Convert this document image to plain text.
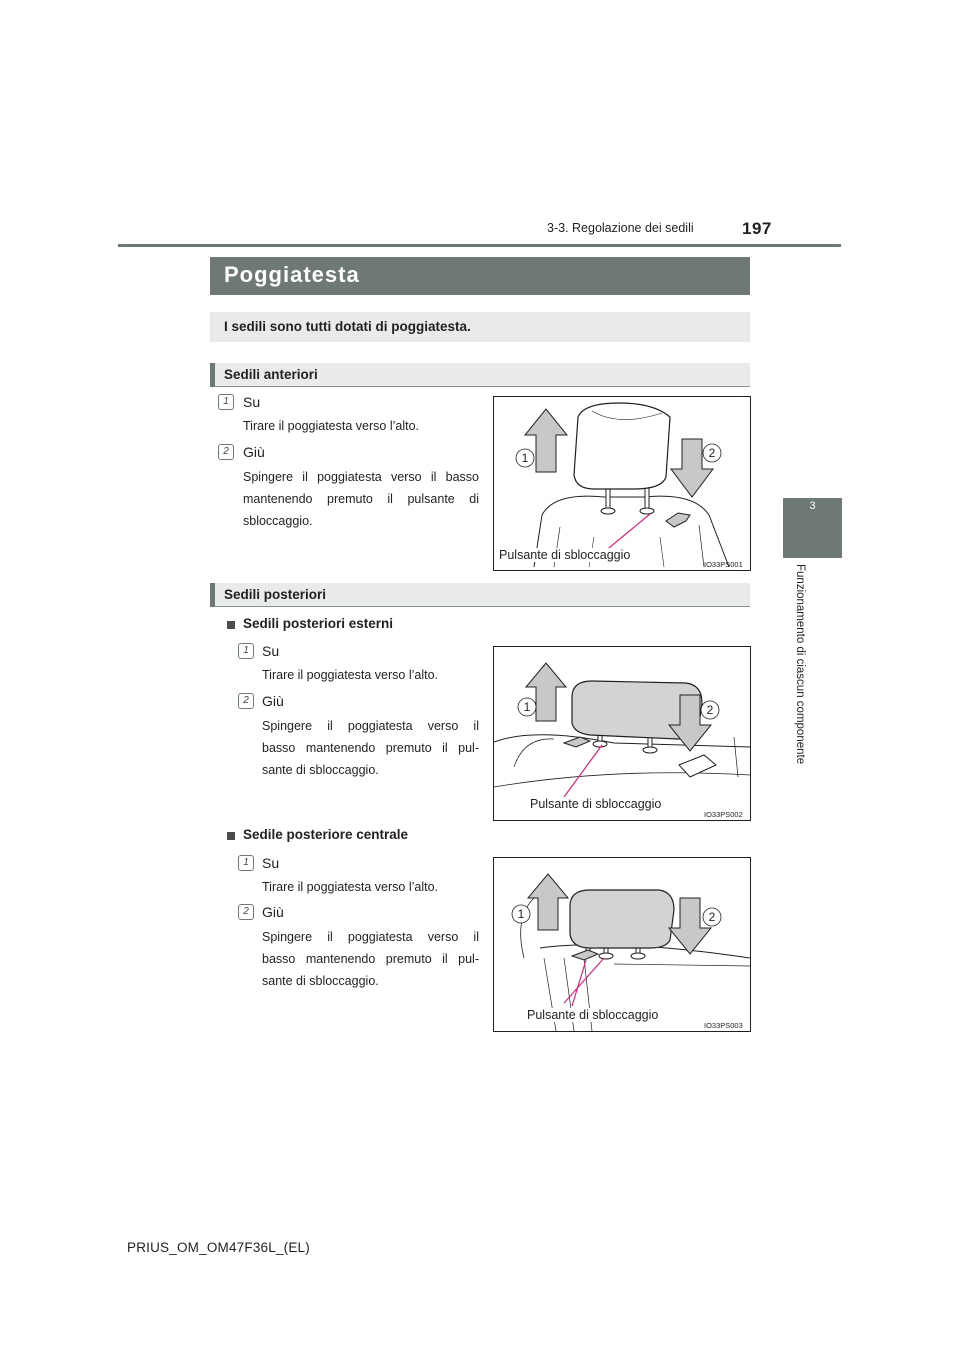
3-3. Regolazione dei sedili	197
3
Funzionamento di ciascun componente
Poggiatesta
I sedili sono tutti dotati di poggiatesta.
Sedili anteriori
1	Su
Tirare il poggiatesta verso l’alto.
2	Giù
Spingere il poggiatesta verso il basso
mantenendo premuto il pulsante di
sbloccaggio.
1	2
Pulsante di sbloccaggio
IO33PS001
Sedili posteriori
Sedili posteriori esterni
1 Su
Tirare il poggiatesta verso l’alto.
2 Giù
Spingere il poggiatesta verso il
basso mantenendo premuto il pul-
sante di sbloccaggio.
1	2
Pulsante di sbloccaggio
IO33PS002
Sedile posteriore centrale
1 Su
Tirare il poggiatesta verso l’alto.
2 Giù
Spingere il poggiatesta verso il
basso mantenendo premuto il pul-
sante di sbloccaggio.
1	2
Pulsante di sbloccaggio
IO33PS003
PRIUS_OM_OM47F36L_(EL)
